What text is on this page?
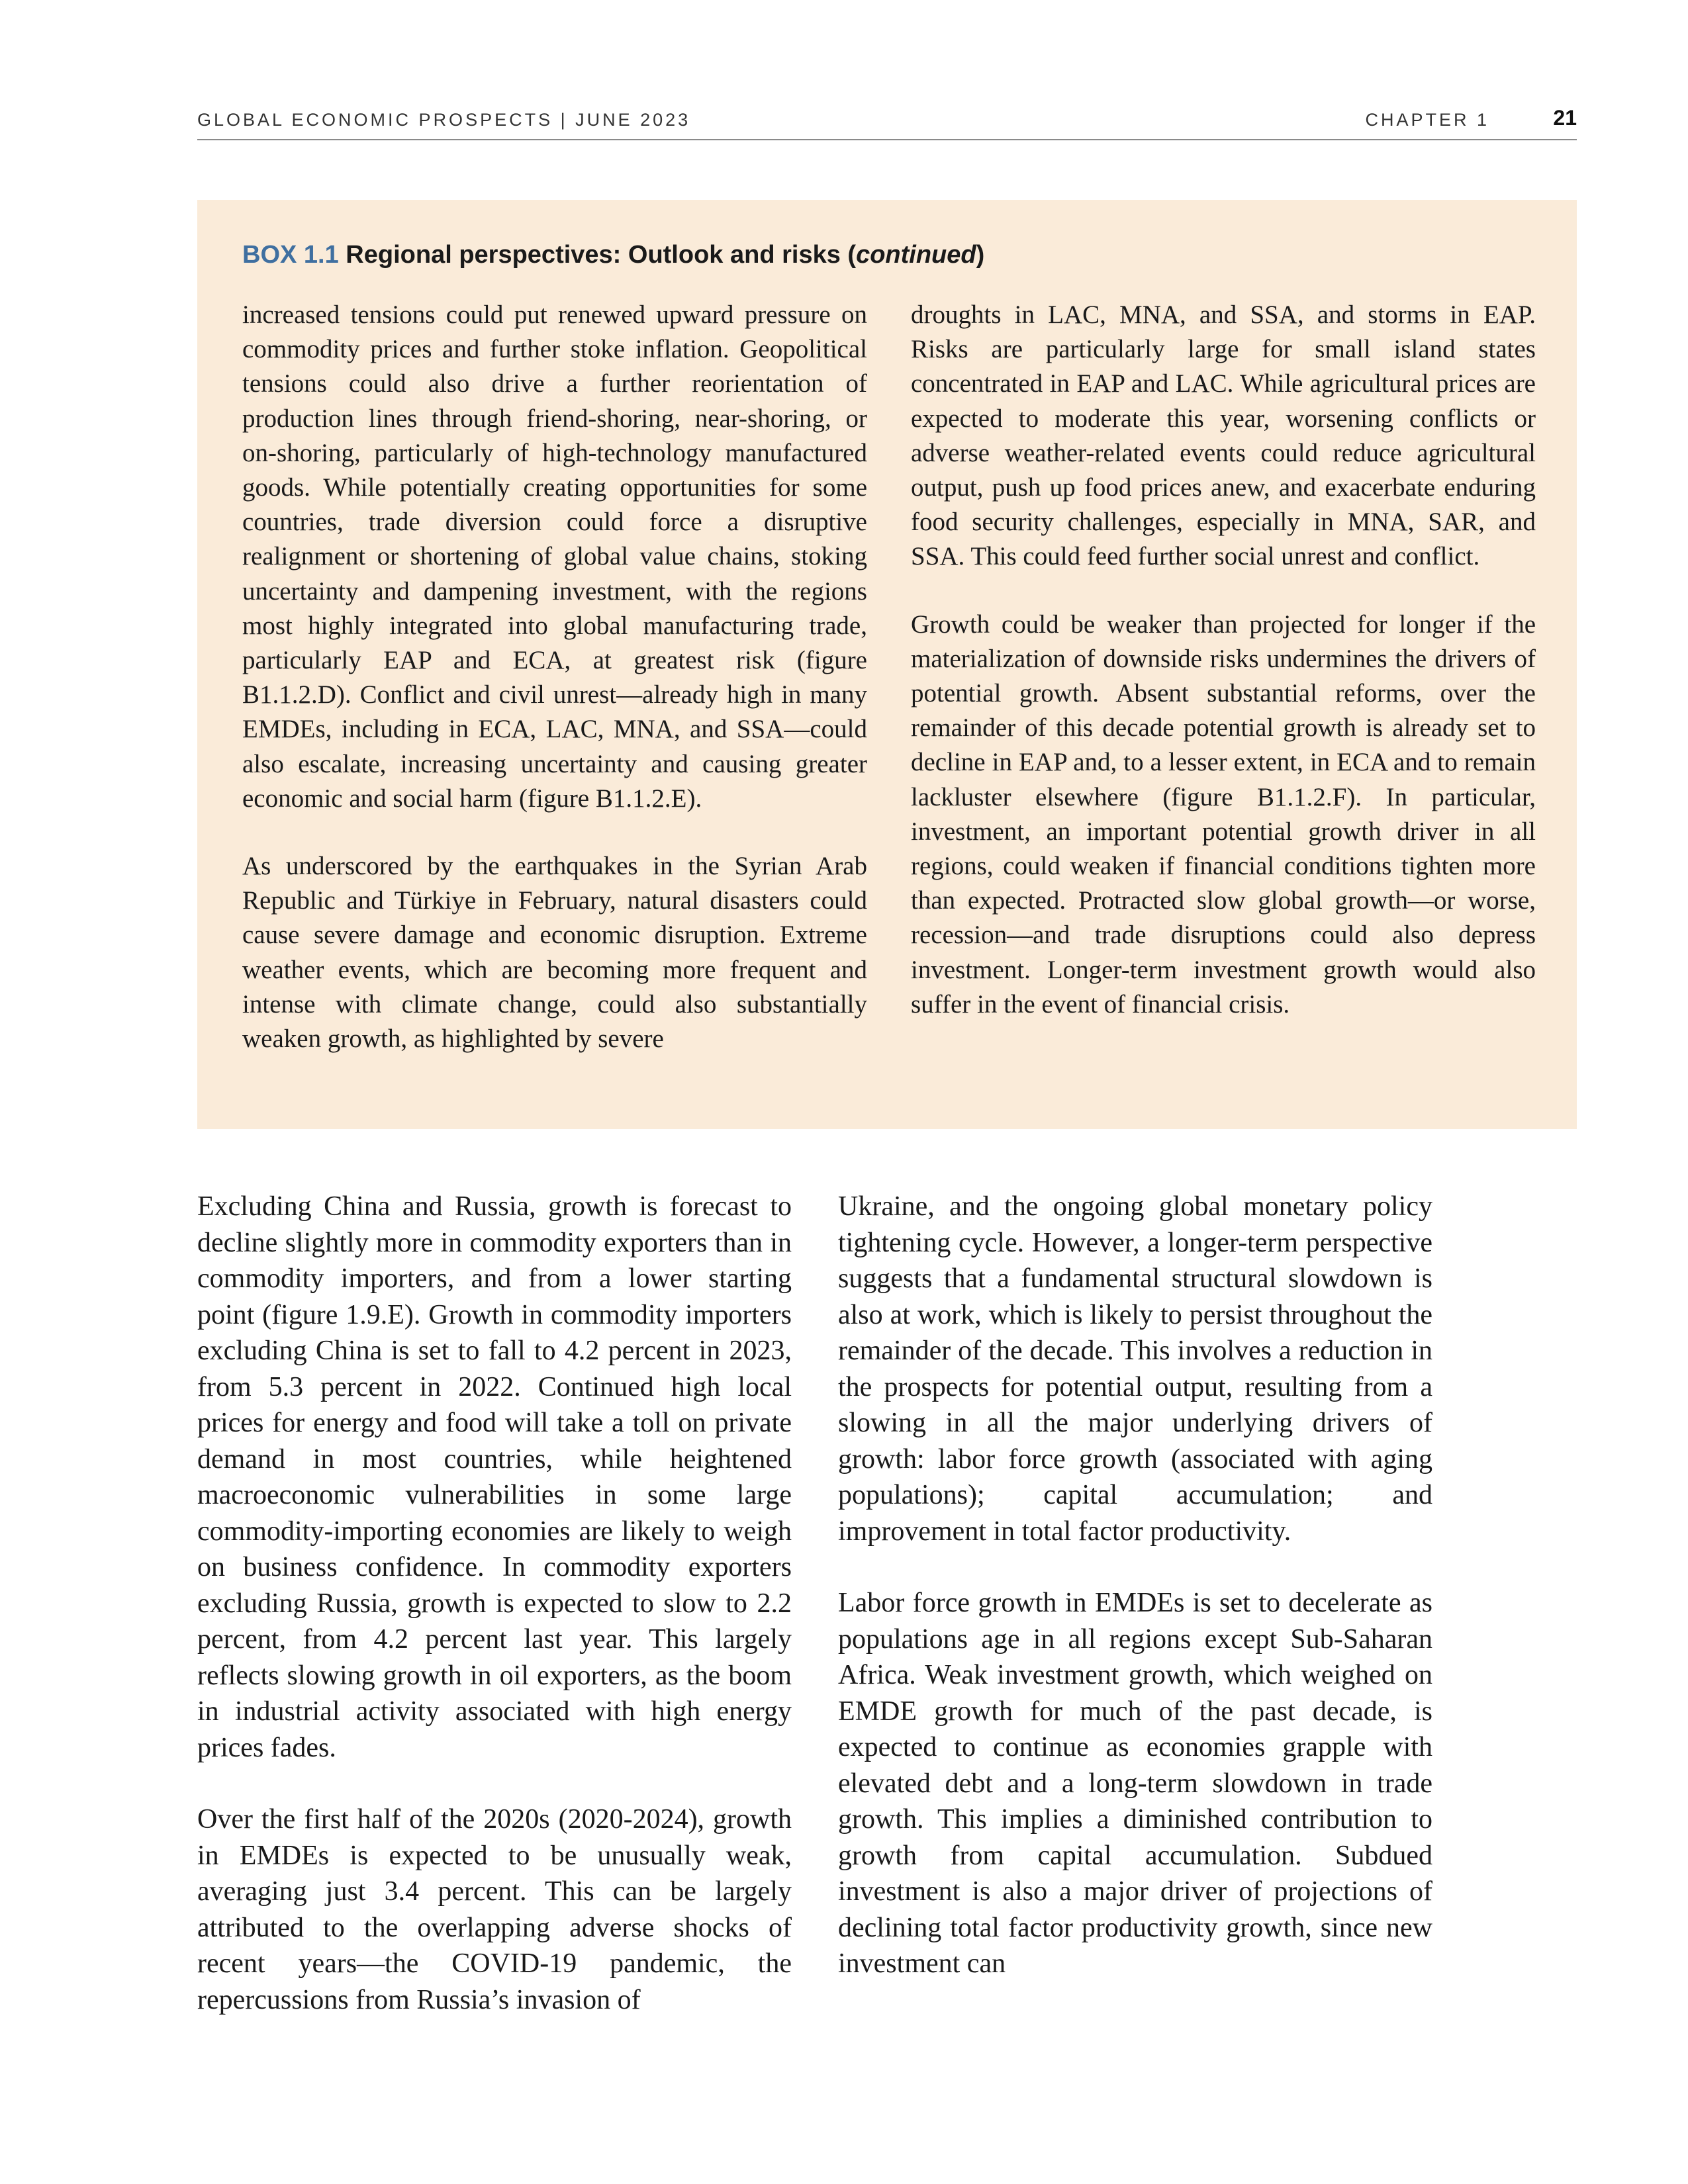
GLOBAL ECONOMIC PROSPECTS | JUNE 2023	CHAPTER 1	21
BOX 1.1 Regional perspectives: Outlook and risks (continued)

increased tensions could put renewed upward pressure on commodity prices and further stoke inflation. Geopolitical tensions could also drive a further reorientation of production lines through friend-shoring, near-shoring, or on-shoring, particularly of high-technology manufactured goods. While potentially creating opportunities for some countries, trade diversion could force a disruptive realignment or shortening of global value chains, stoking uncertainty and dampening investment, with the regions most highly integrated into global manufacturing trade, particularly EAP and ECA, at greatest risk (figure B1.1.2.D). Conflict and civil unrest—already high in many EMDEs, including in ECA, LAC, MNA, and SSA—could also escalate, increasing uncertainty and causing greater economic and social harm (figure B1.1.2.E).

As underscored by the earthquakes in the Syrian Arab Republic and Türkiye in February, natural disasters could cause severe damage and economic disruption. Extreme weather events, which are becoming more frequent and intense with climate change, could also substantially weaken growth, as highlighted by severe

droughts in LAC, MNA, and SSA, and storms in EAP. Risks are particularly large for small island states concentrated in EAP and LAC. While agricultural prices are expected to moderate this year, worsening conflicts or adverse weather-related events could reduce agricultural output, push up food prices anew, and exacerbate enduring food security challenges, especially in MNA, SAR, and SSA. This could feed further social unrest and conflict.

Growth could be weaker than projected for longer if the materialization of downside risks undermines the drivers of potential growth. Absent substantial reforms, over the remainder of this decade potential growth is already set to decline in EAP and, to a lesser extent, in ECA and to remain lackluster elsewhere (figure B1.1.2.F). In particular, investment, an important potential growth driver in all regions, could weaken if financial conditions tighten more than expected. Protracted slow global growth—or worse, recession—and trade disruptions could also depress investment. Longer-term investment growth would also suffer in the event of financial crisis.

Excluding China and Russia, growth is forecast to decline slightly more in commodity exporters than in commodity importers, and from a lower starting point (figure 1.9.E). Growth in commodity importers excluding China is set to fall to 4.2 percent in 2023, from 5.3 percent in 2022. Continued high local prices for energy and food will take a toll on private demand in most countries, while heightened macroeconomic vulnerabilities in some large commodity-importing economies are likely to weigh on business confidence. In commodity exporters excluding Russia, growth is expected to slow to 2.2 percent, from 4.2 percent last year. This largely reflects slowing growth in oil exporters, as the boom in industrial activity associated with high energy prices fades.

Over the first half of the 2020s (2020-2024), growth in EMDEs is expected to be unusually weak, averaging just 3.4 percent. This can be largely attributed to the overlapping adverse shocks of recent years—the COVID-19 pandemic, the repercussions from Russia’s invasion of

Ukraine, and the ongoing global monetary policy tightening cycle. However, a longer-term perspective suggests that a fundamental structural slowdown is also at work, which is likely to persist throughout the remainder of the decade. This involves a reduction in the prospects for potential output, resulting from a slowing in all the major underlying drivers of growth: labor force growth (associated with aging populations); capital accumulation; and improvement in total factor productivity.

Labor force growth in EMDEs is set to decelerate as populations age in all regions except Sub-Saharan Africa. Weak investment growth, which weighed on EMDE growth for much of the past decade, is expected to continue as economies grapple with elevated debt and a long-term slowdown in trade growth. This implies a diminished contribution to growth from capital accumulation. Subdued investment is also a major driver of projections of declining total factor productivity growth, since new investment can
